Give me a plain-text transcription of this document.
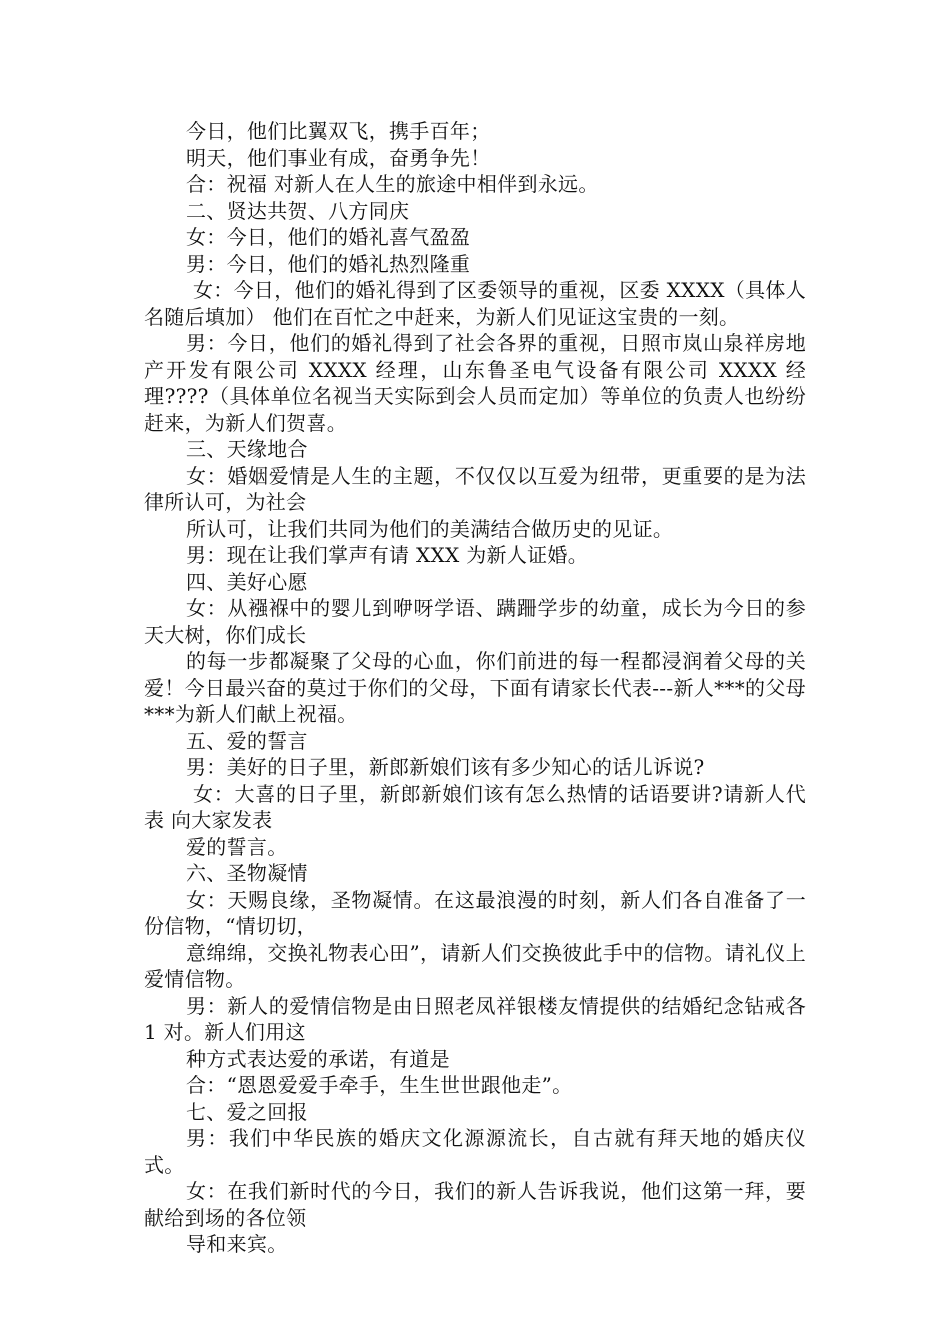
今日，他们比翼双飞，携手百年；

明天，他们事业有成，奋勇争先！

合：祝福 对新人在人生的旅途中相伴到永远。

二、贤达共贺、八方同庆

女：今日，他们的婚礼喜气盈盈

男：今日，他们的婚礼热烈隆重

女：今日，他们的婚礼得到了区委领导的重视，区委 XXXX（具体人名随后填加） 他们在百忙之中赶来，为新人们见证这宝贵的一刻。

男：今日，他们的婚礼得到了社会各界的重视，日照市岚山泉祥房地产开发有限公司 XXXX 经理，山东鲁圣电气设备有限公司 XXXX 经理????（具体单位名视当天实际到会人员而定加）等单位的负责人也纷纷赶来，为新人们贺喜。

三、天缘地合

女：婚姻爱情是人生的主题，不仅仅以互爱为纽带，更重要的是为法律所认可，为社会

所认可，让我们共同为他们的美满结合做历史的见证。

男：现在让我们掌声有请 XXX 为新人证婚。

四、美好心愿

女：从襁褓中的婴儿到咿呀学语、蹒跚学步的幼童，成长为今日的参天大树，你们成长

的每一步都凝聚了父母的心血，你们前进的每一程都浸润着父母的关爱！今日最兴奋的莫过于你们的父母，下面有请家长代表---新人***的父母***为新人们献上祝福。

五、爱的誓言

男：美好的日子里，新郎新娘们该有多少知心的话儿诉说?

女：大喜的日子里，新郎新娘们该有怎么热情的话语要讲?请新人代表 向大家发表

爱的誓言。

六、圣物凝情

女：天赐良缘，圣物凝情。在这最浪漫的时刻，新人们各自准备了一份信物，“情切切，

意绵绵，交换礼物表心田”，请新人们交换彼此手中的信物。请礼仪上爱情信物。

男：新人的爱情信物是由日照老凤祥银楼友情提供的结婚纪念钻戒各 1 对。新人们用这

种方式表达爱的承诺，有道是

合：“恩恩爱爱手牵手，生生世世跟他走”。

七、爱之回报

男：我们中华民族的婚庆文化源源流长，自古就有拜天地的婚庆仪式。

女：在我们新时代的今日，我们的新人告诉我说，他们这第一拜，要献给到场的各位领

导和来宾。
